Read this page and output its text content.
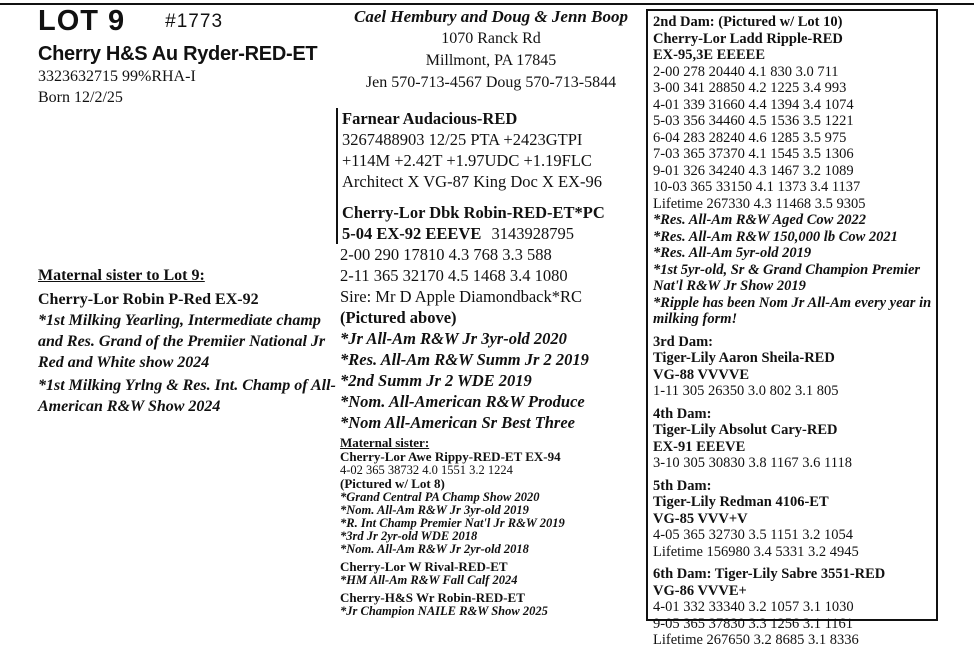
LOT 9 #1773
Cherry H&S Au Ryder-RED-ET
3323632715 99%RHA-I
Born 12/2/25
Maternal sister to Lot 9:
Cherry-Lor Robin P-Red EX-92
*1st Milking Yearling, Intermediate champ and Res. Grand of the Premiier National Jr Red and White show 2024
*1st Milking Yrlng & Res. Int. Champ of All-American R&W Show 2024
Cael Hembury and Doug & Jenn Boop
1070 Ranck Rd
Millmont, PA 17845
Jen 570-713-4567 Doug 570-713-5844
Farnear Audacious-RED
3267488903 12/25 PTA +2423GTPI
+114M +2.42T +1.97UDC +1.19FLC
Architect X VG-87 King Doc X EX-96
Cherry-Lor Dbk Robin-RED-ET*PC
5-04 EX-92 EEEVE 3143928795
2-00 290 17810 4.3 768 3.3 588
2-11 365 32170 4.5 1468 3.4 1080
Sire: Mr D Apple Diamondback*RC
(Pictured above)
*Jr All-Am R&W Jr 3yr-old 2020
*Res. All-Am R&W Summ Jr 2 2019
*2nd Summ Jr 2 WDE 2019
*Nom. All-American R&W Produce
*Nom All-American Sr Best Three
Maternal sister:
Cherry-Lor Awe Rippy-RED-ET EX-94
4-02 365 38732 4.0 1551 3.2 1224
(Pictured w/ Lot 8)
*Grand Central PA Champ Show 2020
*Nom. All-Am R&W Jr 3yr-old 2019
*R. Int Champ Premier Nat'l Jr R&W 2019
*3rd Jr 2yr-old WDE 2018
*Nom. All-Am R&W Jr 2yr-old 2018
Cherry-Lor W Rival-RED-ET
*HM All-Am R&W Fall Calf 2024
Cherry-H&S Wr Robin-RED-ET
*Jr Champion NAILE R&W Show 2025
2nd Dam: (Pictured w/ Lot 10)
Cherry-Lor Ladd Ripple-RED
EX-95,3E EEEEE
2-00 278 20440 4.1 830 3.0 711
3-00 341 28850 4.2 1225 3.4 993
4-01 339 31660 4.4 1394 3.4 1074
5-03 356 34460 4.5 1536 3.5 1221
6-04 283 28240 4.6 1285 3.5 975
7-03 365 37370 4.1 1545 3.5 1306
9-01 326 34240 4.3 1467 3.2 1089
10-03 365 33150 4.1 1373 3.4 1137
Lifetime 267330 4.3 11468 3.5 9305
*Res. All-Am R&W Aged Cow 2022
*Res. All-Am R&W 150,000 lb Cow 2021
*Res. All-Am 5yr-old 2019
*1st 5yr-old, Sr & Grand Champion Premier Nat'l R&W Jr Show 2019
*Ripple has been Nom Jr All-Am every year in milking form!
3rd Dam:
Tiger-Lily Aaron Sheila-RED
VG-88 VVVVE
1-11 305 26350 3.0 802 3.1 805
4th Dam:
Tiger-Lily Absolut Cary-RED
EX-91 EEEVE
3-10 305 30830 3.8 1167 3.6 1118
5th Dam:
Tiger-Lily Redman 4106-ET
VG-85 VVV+V
4-05 365 32730 3.5 1151 3.2 1054
Lifetime 156980 3.4 5331 3.2 4945
6th Dam: Tiger-Lily Sabre 3551-RED
VG-86 VVVE+
4-01 332 33340 3.2 1057 3.1 1030
9-05 365 37830 3.3 1256 3.1 1161
Lifetime 267650 3.2 8685 3.1 8336
